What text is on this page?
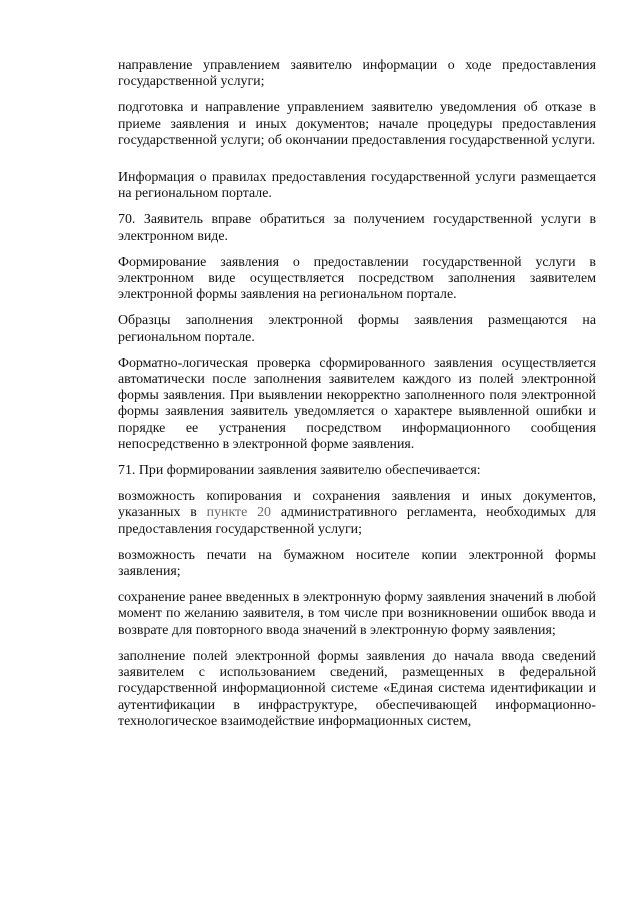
направление управлением заявителю информации о ходе предоставления государственной услуги;

подготовка и направление управлением заявителю уведомления об отказе в приеме заявления и иных документов; начале процедуры предоставления государственной услуги; об окончании предоставления государственной услуги.

Информация о правилах предоставления государственной услуги размещается на региональном портале.

70. Заявитель вправе обратиться за получением государственной услуги в электронном виде.

Формирование заявления о предоставлении государственной услуги в электронном виде осуществляется посредством заполнения заявителем электронной формы заявления на региональном портале.

Образцы заполнения электронной формы заявления размещаются на региональном портале.

Форматно-логическая проверка сформированного заявления осуществляется автоматически после заполнения заявителем каждого из полей электронной формы заявления. При выявлении некорректно заполненного поля электронной формы заявления заявитель уведомляется о характере выявленной ошибки и порядке ее устранения посредством информационного сообщения непосредственно в электронной форме заявления.

71. При формировании заявления заявителю обеспечивается:

возможность копирования и сохранения заявления и иных документов, указанных в пункте 20 административного регламента, необходимых для предоставления государственной услуги;

возможность печати на бумажном носителе копии электронной формы заявления;

сохранение ранее введенных в электронную форму заявления значений в любой момент по желанию заявителя, в том числе при возникновении ошибок ввода и возврате для повторного ввода значений в электронную форму заявления;

заполнение полей электронной формы заявления до начала ввода сведений заявителем с использованием сведений, размещенных в федеральной государственной информационной системе «Единая система идентификации и аутентификации в инфраструктуре, обеспечивающей информационно-технологическое взаимодействие информационных систем,
